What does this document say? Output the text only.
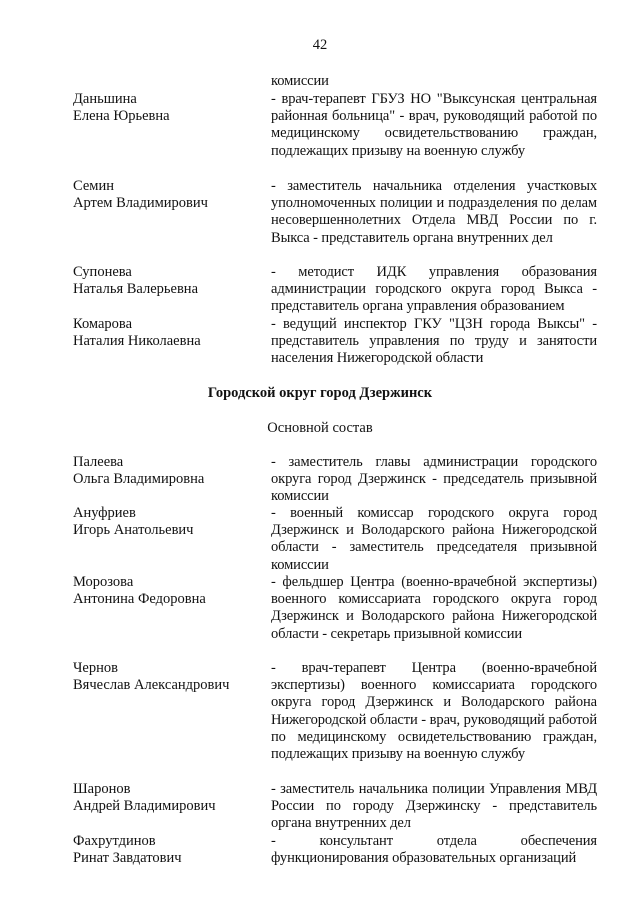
42
комиссии
Даньшина
Елена Юрьевна
- врач-терапевт ГБУЗ НО "Выксунская центральная районная больница" - врач, руководящий работой по медицинскому освидетельствованию граждан, подлежащих призыву на военную службу
Семин
Артем Владимирович
- заместитель начальника отделения участковых уполномоченных полиции и подразделения по делам несовершеннолетних Отдела МВД России по г. Выкса - представитель органа внутренних дел
Супонева
Наталья Валерьевна
- методист ИДК управления образования администрации городского округа город Выкса - представитель органа управления образованием
Комарова
Наталия Николаевна
- ведущий инспектор ГКУ "ЦЗН города Выксы" - представитель управления по труду и занятости населения Нижегородской области
Городской округ город Дзержинск
Основной состав
Палеева
Ольга Владимировна
- заместитель главы администрации городского округа город Дзержинск - председатель призывной комиссии
Ануфриев
Игорь Анатольевич
- военный комиссар городского округа город Дзержинск и Володарского района Нижегородской области - заместитель председателя призывной комиссии
Морозова
Антонина Федоровна
- фельдшер Центра (военно-врачебной экспертизы) военного комиссариата городского округа город Дзержинск и Володарского района Нижегородской области - секретарь призывной комиссии
Чернов
Вячеслав Александрович
- врач-терапевт Центра (военно-врачебной экспертизы) военного комиссариата городского округа город Дзержинск и Володарского района Нижегородской области - врач, руководящий работой по медицинскому освидетельствованию граждан, подлежащих призыву на военную службу
Шаронов
Андрей Владимирович
- заместитель начальника полиции Управления МВД России по городу Дзержинску - представитель органа внутренних дел
Фахрутдинов
Ринат Завдатович
- консультант отдела обеспечения функционирования образовательных организаций
